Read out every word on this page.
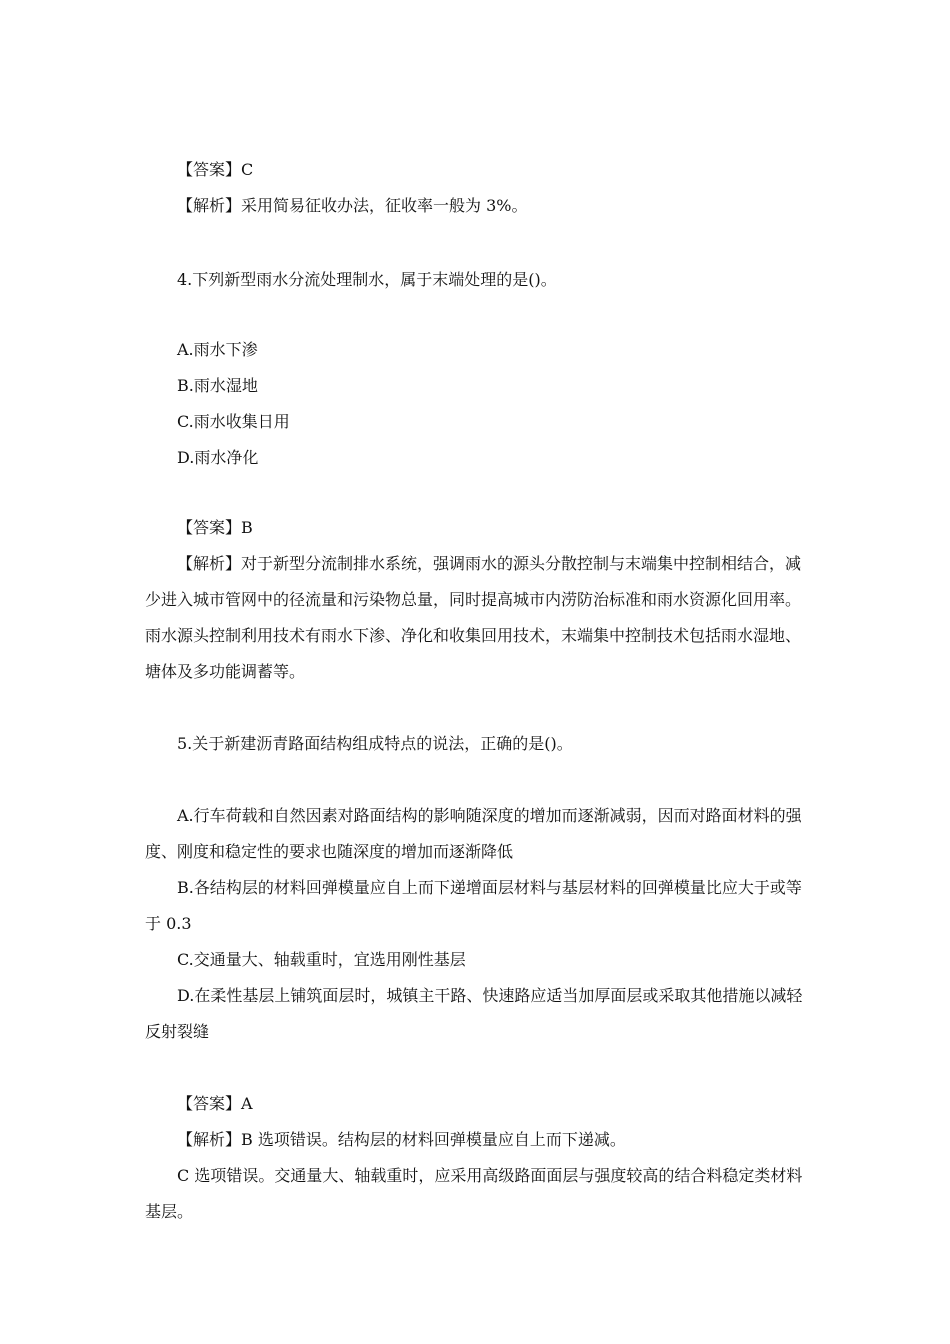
【答案】C
【解析】采用简易征收办法，征收率一般为 3%。
4.下列新型雨水分流处理制水，属于末端处理的是()。
A.雨水下渗
B.雨水湿地
C.雨水收集日用
D.雨水净化
【答案】B
【解析】对于新型分流制排水系统，强调雨水的源头分散控制与末端集中控制相结合，减少进入城市管网中的径流量和污染物总量，同时提高城市内涝防治标准和雨水资源化回用率。雨水源头控制利用技术有雨水下渗、净化和收集回用技术，末端集中控制技术包括雨水湿地、塘体及多功能调蓄等。
5.关于新建沥青路面结构组成特点的说法，正确的是()。
A.行车荷载和自然因素对路面结构的影响随深度的增加而逐渐减弱，因而对路面材料的强度、刚度和稳定性的要求也随深度的增加而逐渐降低
B.各结构层的材料回弹模量应自上而下递增面层材料与基层材料的回弹模量比应大于或等于 0.3
C.交通量大、轴载重时，宜选用刚性基层
D.在柔性基层上铺筑面层时，城镇主干路、快速路应适当加厚面层或采取其他措施以减轻反射裂缝
【答案】A
【解析】B 选项错误。结构层的材料回弹模量应自上而下递减。
C 选项错误。交通量大、轴载重时，应采用高级路面面层与强度较高的结合料稳定类材料基层。
